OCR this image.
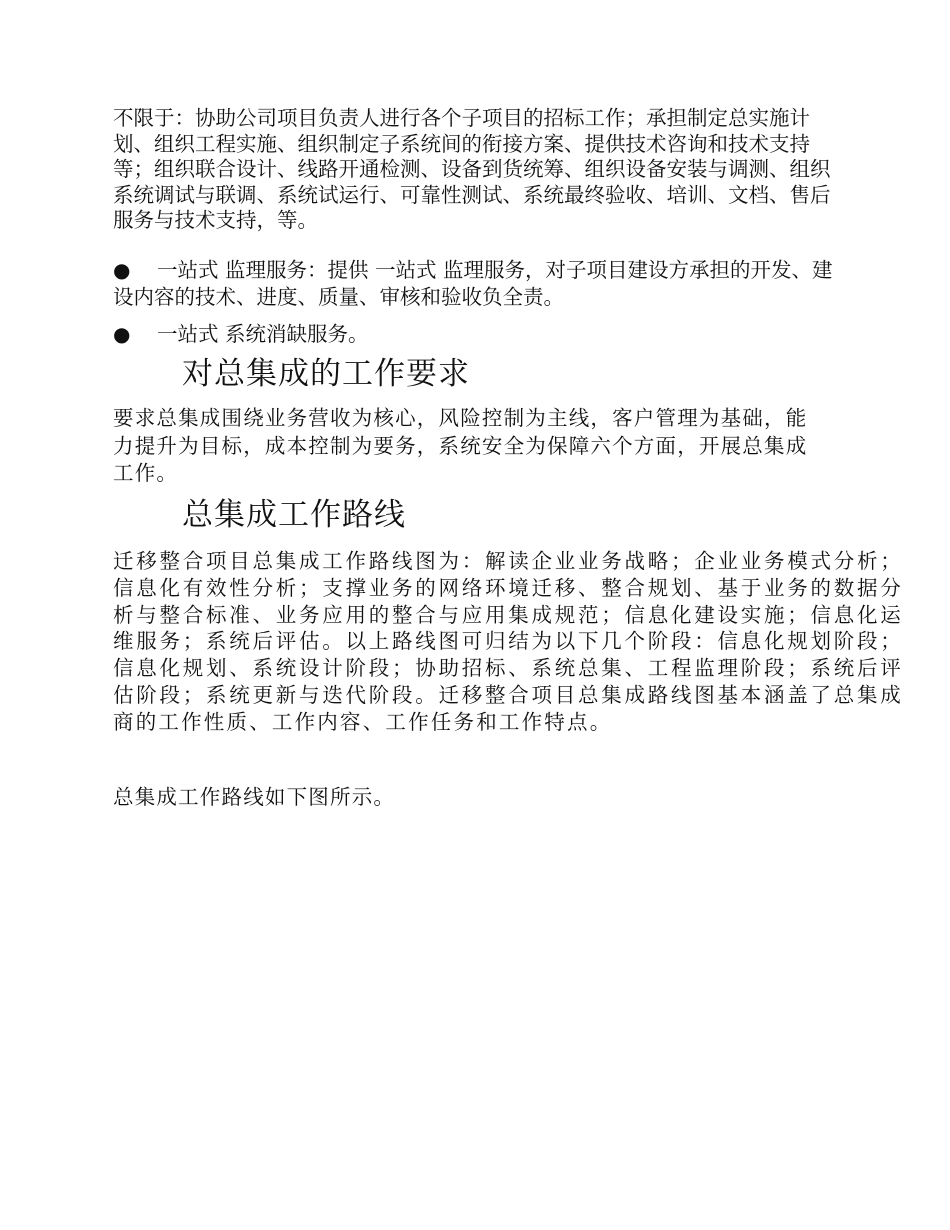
不限于：协助公司项目负责人进行各个子项目的招标工作；承担制定总实施计划、组织工程实施、组织制定子系统间的衔接方案、提供技术咨询和技术支持等；组织联合设计、线路开通检测、设备到货统筹、组织设备安装与调测、组织系统调试与联调、系统试运行、可靠性测试、系统最终验收、培训、文档、售后服务与技术支持，等。

● 一站式 监理服务：提供 一站式 监理服务，对子项目建设方承担的开发、建设内容的技术、进度、质量、审核和验收负全责。
● 一站式 系统消缺服务。
对总集成的工作要求

要求总集成围绕业务营收为核心，风险控制为主线，客户管理为基础，能力提升为目标，成本控制为要务，系统安全为保障六个方面，开展总集成工作。

总集成工作路线

迁移整合项目总集成工作路线图为：解读企业业务战略；企业业务模式分析；信息化有效性分析；支撑业务的网络环境迁移、整合规划、基于业务的数据分析与整合标准、业务应用的整合与应用集成规范；信息化建设实施；信息化运维服务；系统后评估。以上路线图可归结为以下几个阶段：信息化规划阶段；信息化规划、系统设计阶段；协助招标、系统总集、工程监理阶段；系统后评估阶段；系统更新与迭代阶段。迁移整合项目总集成路线图基本涵盖了总集成商的工作性质、工作内容、工作任务和工作特点。

总集成工作路线如下图所示。
